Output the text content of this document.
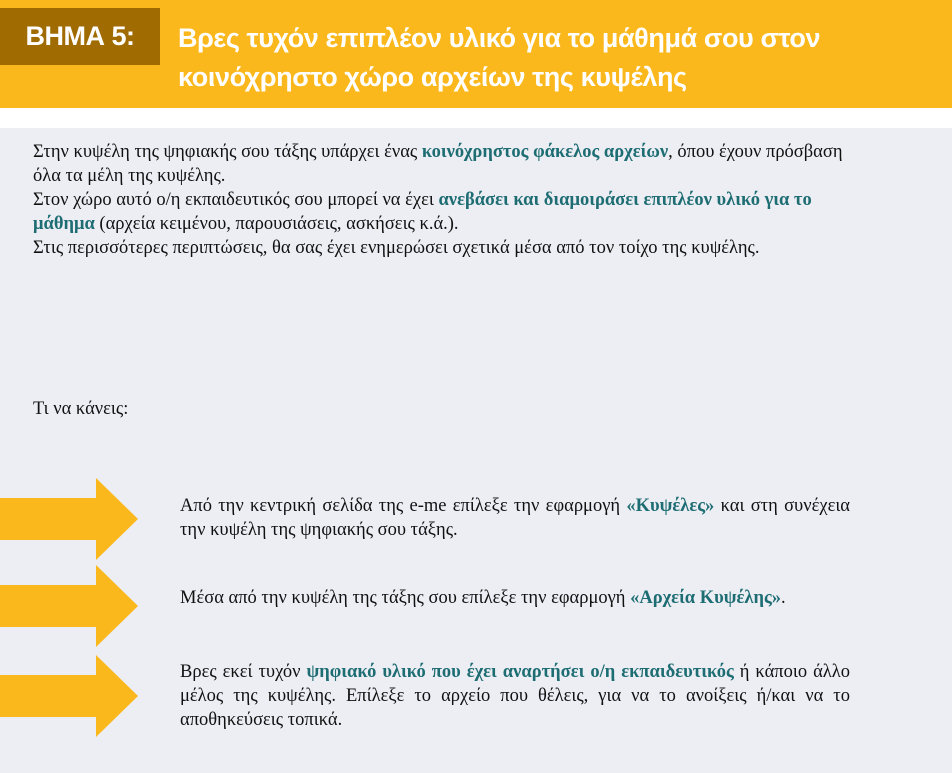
ΒΗΜΑ 5:	Βρες τυχόν επιπλέον υλικό για το μάθημά σου στον
κοινόχρηστο χώρο αρχείων της κυψέλης

Στην κυψέλη της ψηφιακής σου τάξης υπάρχει ένας κοινόχρηστος φάκελος αρχείων, όπου έχουν πρόσβαση όλα τα μέλη της κυψέλης.

Στον χώρο αυτό ο/η εκπαιδευτικός σου μπορεί να έχει ανεβάσει και διαμοιράσει επιπλέον υλικό για το μάθημα (αρχεία κειμένου, παρουσιάσεις, ασκήσεις κ.ά.).

Στις περισσότερες περιπτώσεις, θα σας έχει ενημερώσει σχετικά μέσα από τον τοίχο της κυψέλης.

Τι να κάνεις:

Από την κεντρική σελίδα της e-me επίλεξε την εφαρμογή «Κυψέλες» και στη συνέχεια την κυψέλη της ψηφιακής σου τάξης.

Μέσα από την κυψέλη της τάξης σου επίλεξε την εφαρμογή «Αρχεία Κυψέλης».

Βρες εκεί τυχόν ψηφιακό υλικό που έχει αναρτήσει ο/η εκπαιδευτικός ή κάποιο άλλο μέλος της κυψέλης. Επίλεξε το αρχείο που θέλεις, για να το ανοίξεις ή/και να το αποθηκεύσεις τοπικά.
